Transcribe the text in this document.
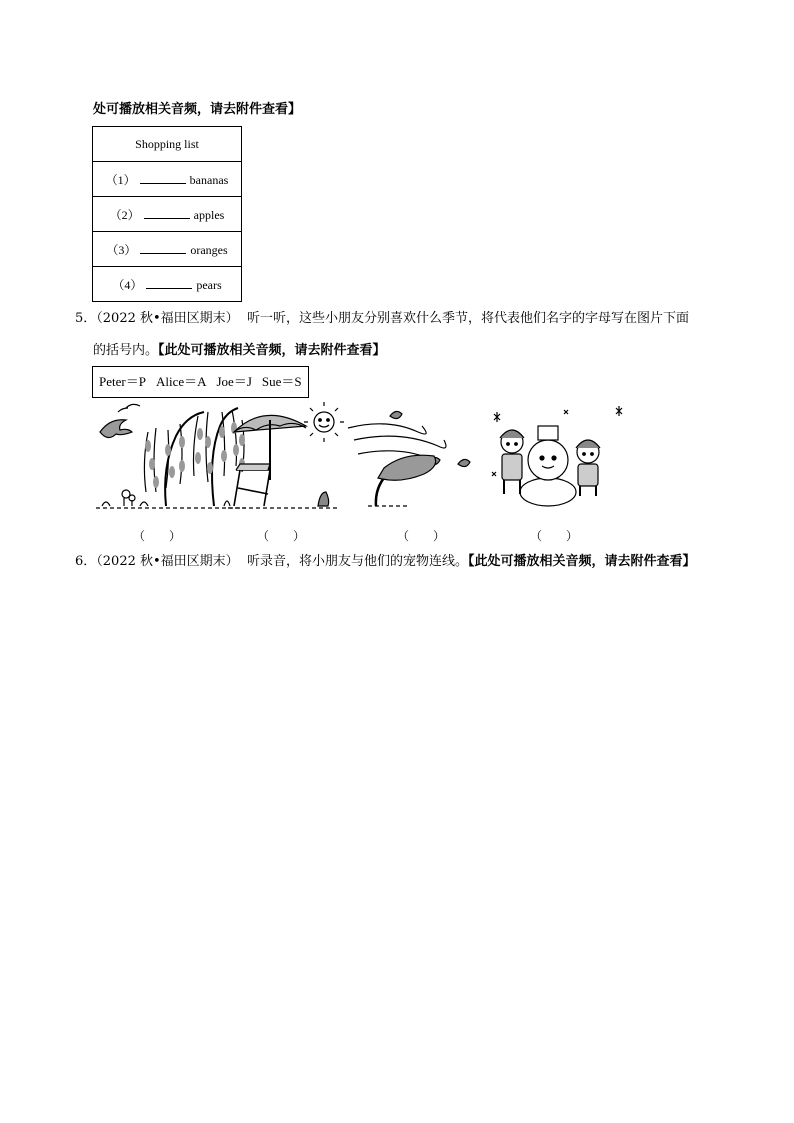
处可播放相关音频，请去附件查看】
Shopping list
（1）	bananas
（2）	apples
（3）	oranges
（4）	pears
5．（2022 秋•福田区期末） 听一听，这些小朋友分别喜欢什么季节，将代表他们名字的字母写在图片下面
的括号内。【此处可播放相关音频，请去附件查看】
Peter＝P Alice＝A Joe＝J Sue＝S
（        ）	（        ）	（        ）	（        ）
6．（2022 秋•福田区期末） 听录音，将小朋友与他们的宠物连线。【此处可播放相关音频，请去附件查看】
